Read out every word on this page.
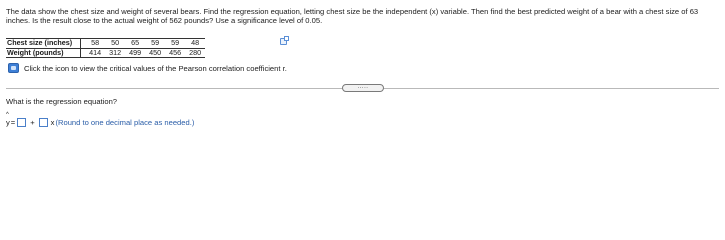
The data show the chest size and weight of several bears. Find the regression equation, letting chest size be the independent (x) variable. Then find the best predicted weight of a bear with a chest size of 63 inches. Is the result close to the actual weight of 562 pounds? Use a significance level of 0.05.
Chest size (inches)	58	50	65	59	59	48
Weight (pounds)	414	312	499	450	456	280
Click the icon to view the critical values of the Pearson correlation coefficient r.
.....
What is the regression equation?
^ y = + x (Round to one decimal place as needed.)
